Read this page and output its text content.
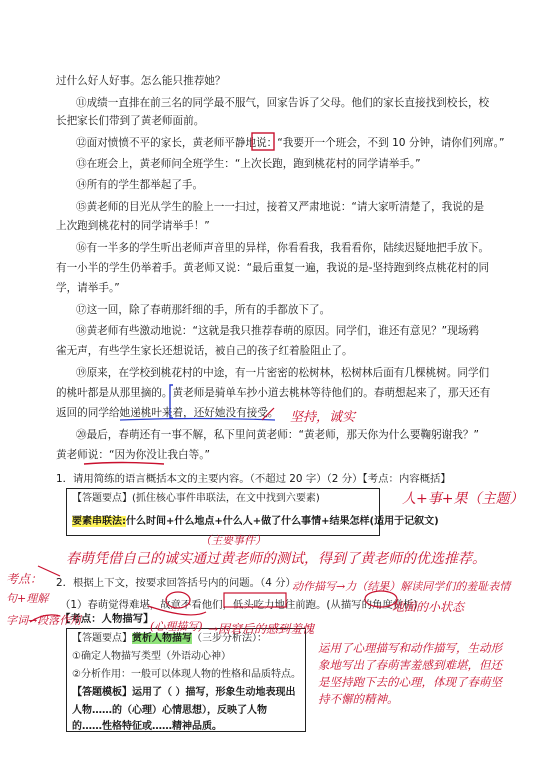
过什么好人好事。怎么能只推荐她？
⑪成绩一直排在前三名的同学最不服气，回家告诉了父母。他们的家长直接找到校长，校
长把家长们带到了黄老师面前。
⑫面对愤愤不平的家长，黄老师平静地说：“我要开一个班会，不到 10 分钟，请你们列席。”
⑬在班会上，黄老师问全班学生：“上次长跑，跑到桃花村的同学请举手。”
⑭所有的学生都举起了手。
⑮黄老师的目光从学生的脸上一一扫过，接着又严肃地说：“请大家听清楚了，我说的是
上次跑到桃花村的同学请举手！”
⑯有一半多的学生听出老师声音里的异样，你看看我，我看看你，陆续迟疑地把手放下。
有一小半的学生仍举着手。黄老师又说：“最后重复一遍，我说的是-坚持跑到终点桃花村的同
学，请举手。”
⑰这一回，除了春萌那纤细的手，所有的手都放下了。
⑱黄老师有些激动地说：“这就是我只推荐春萌的原因。同学们，谁还有意见？”现场鸦
雀无声，有些学生家长还想说话，被自己的孩子红着脸阻止了。
⑲原来，在学校到桃花村的中途，有一片密密的松树林，松树林后面有几棵桃树。同学们
的桃叶都是从那里摘的。黄老师是骑单车抄小道去桃林等待他们的。春萌想起来了，那天还有
返回的同学给她递桃叶来着，还好她没有接受。
⑳最后，春萌还有一事不解，私下里问黄老师：“黄老师，那天你为什么要鞠躬谢我？”
黄老师说：“因为你没让我白等。”
1．请用简练的语言概括本文的主要内容。（不超过 20 字）（2 分）【考点：内容概括】
【答题要点】(抓住核心事件串联法，在文中找到六要素)
要素串联法:什么时间+什么地点+什么人+做了什么事情+结果怎样(适用于记叙文)
2．根据上下文，按要求回答括号内的问题。（4 分）
（1）春萌觉得难堪，故意不看他们，低头吃力地往前跑。(从描写的角度赏析)
【考点：人物描写】
【答题要点】赏析人物描写（三步分析法）：
①确定人物描写类型（外语动心神）
②分析作用：一般可以体现人物的性格和品质特点。
【答题模板】运用了（ ）描写，形象生动地表现出
人物……的（心理）心情思想），反映了人物
的……性格特征或……精神品质。
坚持，诚实
人+事+果（主题）
（主要事件）
春萌凭借自己的诚实通过黄老师的测试，得到了黄老师的优选推荐。
动作描写→力（结果）解读同学们的羞耻表情
地面的小状态
(心理描写) →困窘后的感到羞愧
考点：
句+理解
字词→段落作用
运用了心理描写和动作描写，生动形象地写出了春萌害羞感到难堪，但还是坚持跑下去的心理，体现了春萌坚持不懈的精神。
